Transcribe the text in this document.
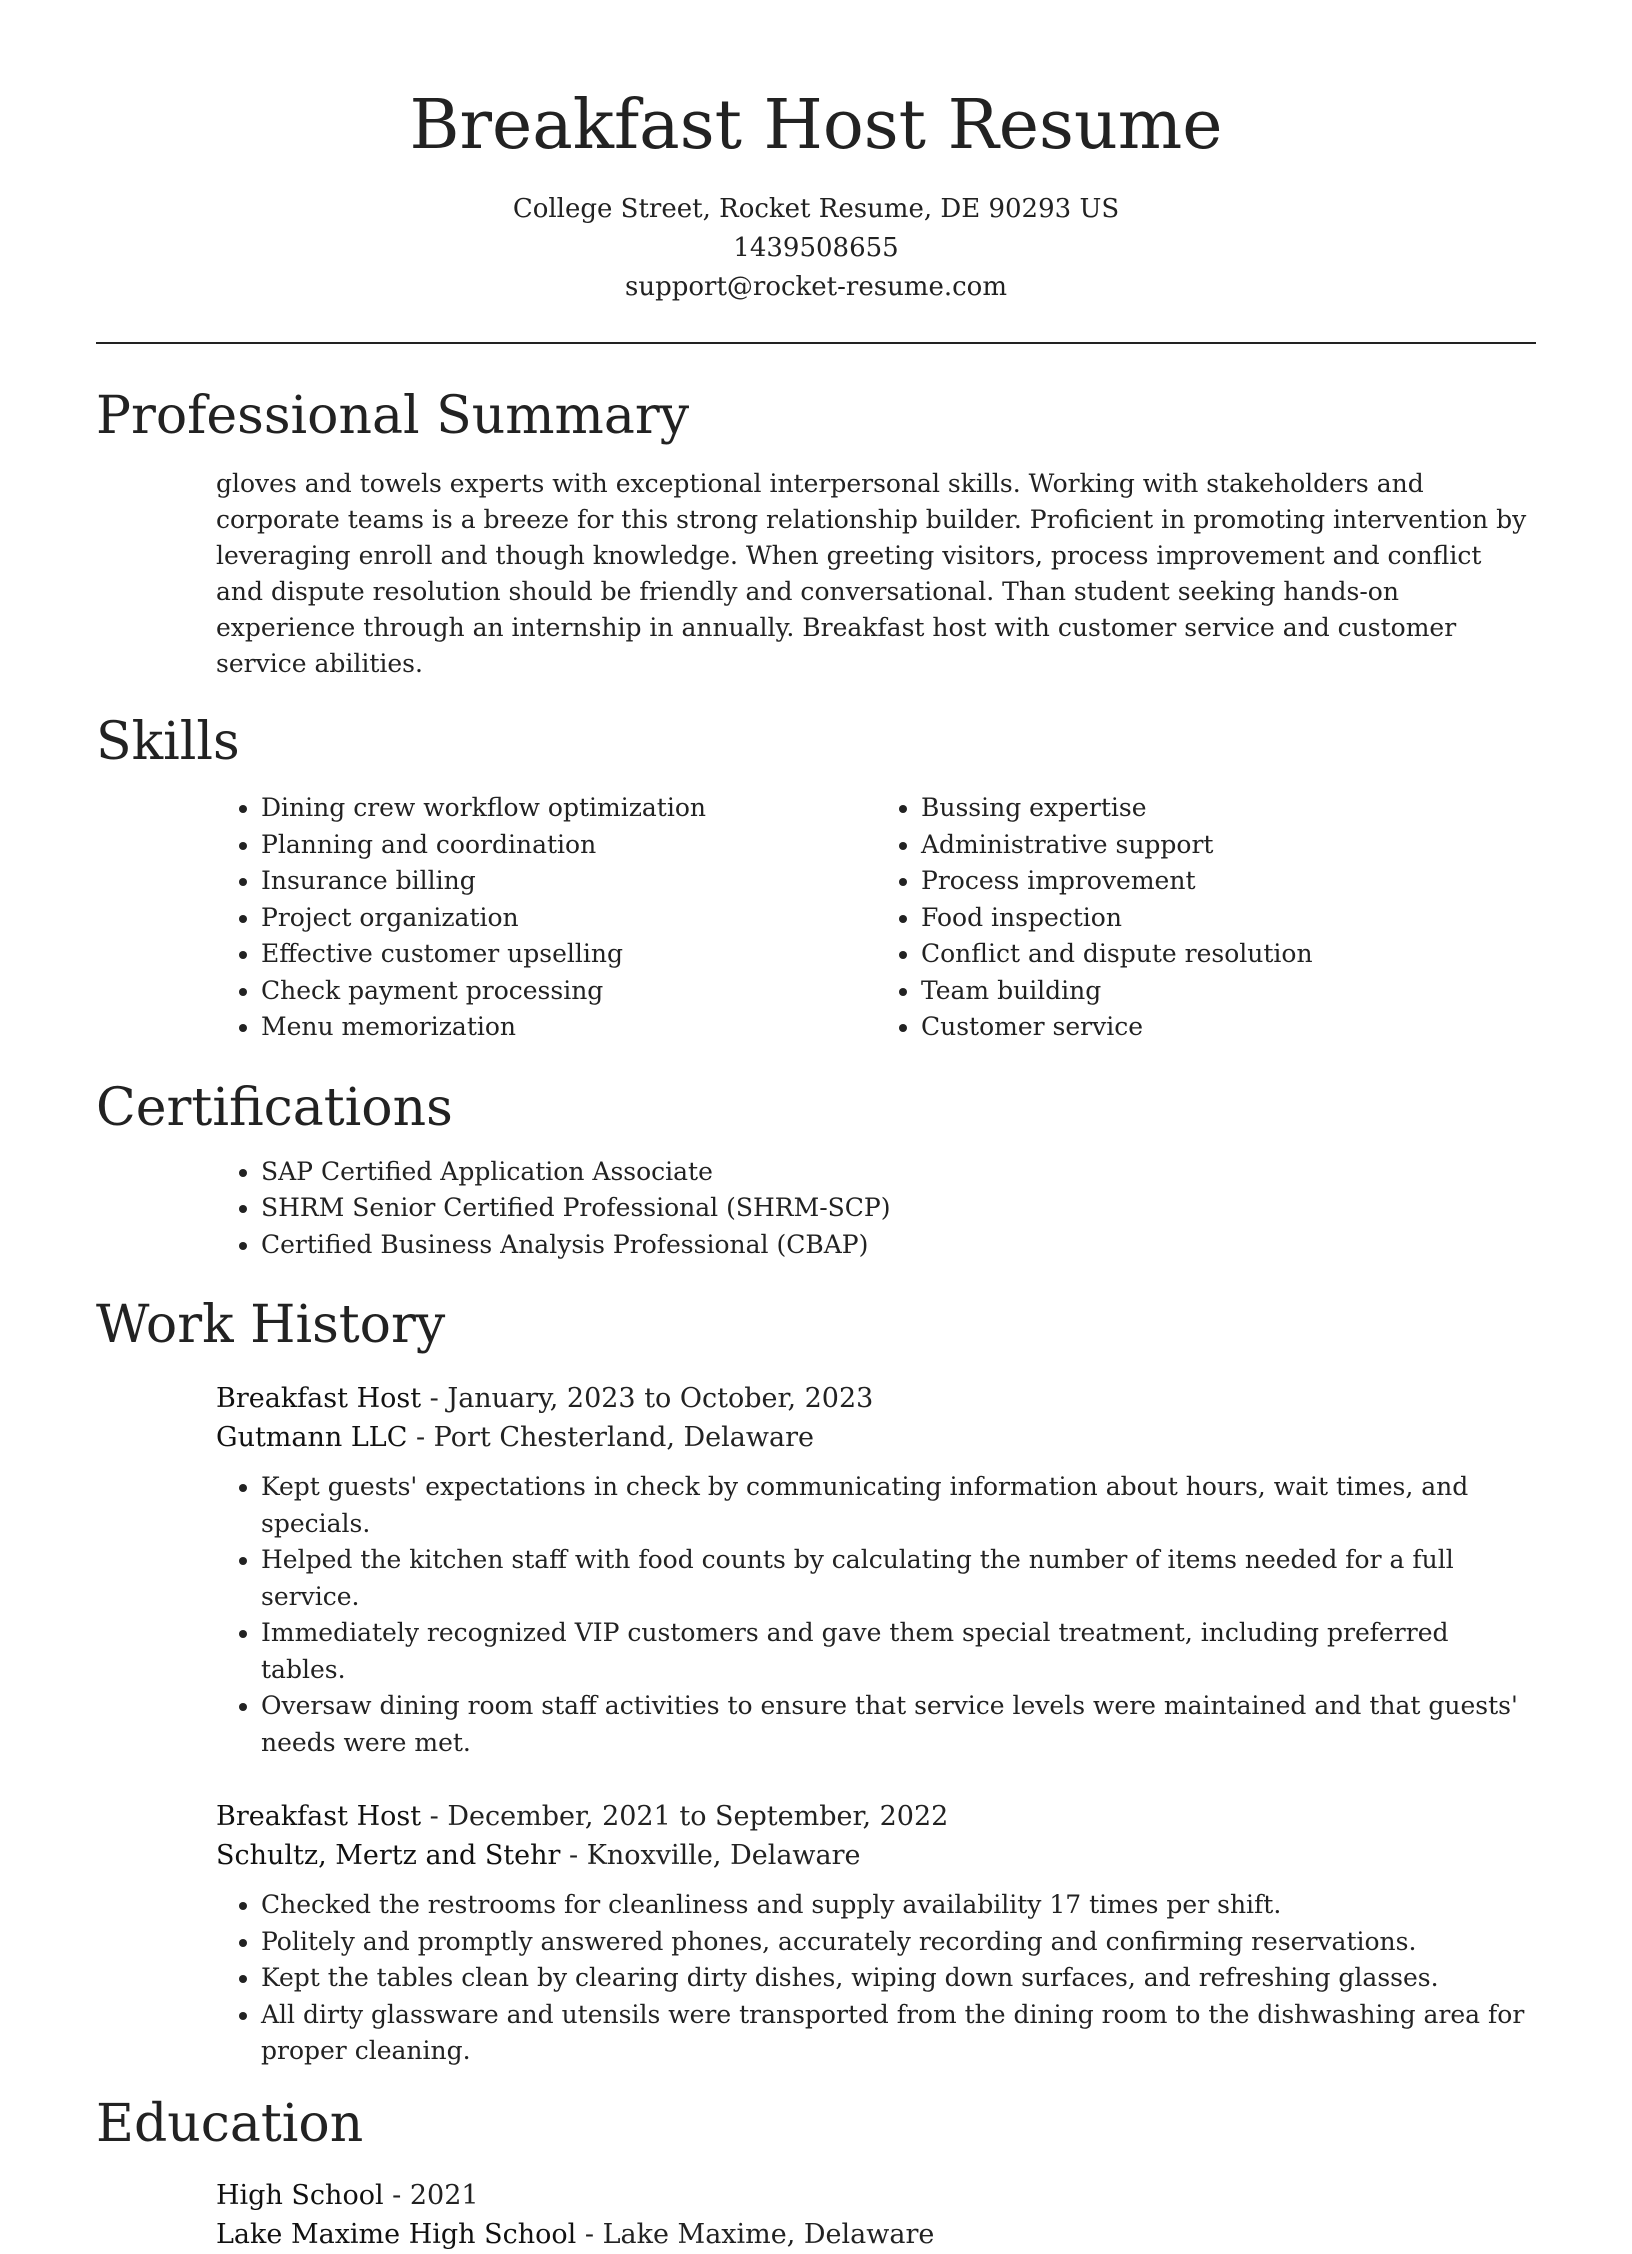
Breakfast Host Resume
College Street, Rocket Resume, DE 90293 US
1439508655
support@rocket-resume.com
Professional Summary

gloves and towels experts with exceptional interpersonal skills. Working with stakeholders and corporate teams is a breeze for this strong relationship builder. Proficient in promoting intervention by leveraging enroll and though knowledge. When greeting visitors, process improvement and conflict and dispute resolution should be friendly and conversational. Than student seeking hands-on experience through an internship in annually. Breakfast host with customer service and customer service abilities.

Skills
• Dining crew workflow optimization
• Planning and coordination
• Insurance billing
• Project organization
• Effective customer upselling
• Check payment processing
• Menu memorization
• Bussing expertise
• Administrative support
• Process improvement
• Food inspection
• Conflict and dispute resolution
• Team building
• Customer service
Certifications
• SAP Certified Application Associate
• SHRM Senior Certified Professional (SHRM-SCP)
• Certified Business Analysis Professional (CBAP)
Work History
Breakfast Host - January, 2023 to October, 2023
Gutmann LLC - Port Chesterland, Delaware
• Kept guests' expectations in check by communicating information about hours, wait times, and specials.
• Helped the kitchen staff with food counts by calculating the number of items needed for a full service.
• Immediately recognized VIP customers and gave them special treatment, including preferred tables.
• Oversaw dining room staff activities to ensure that service levels were maintained and that guests' needs were met.
Breakfast Host - December, 2021 to September, 2022
Schultz, Mertz and Stehr - Knoxville, Delaware
• Checked the restrooms for cleanliness and supply availability 17 times per shift.
• Politely and promptly answered phones, accurately recording and confirming reservations.
• Kept the tables clean by clearing dirty dishes, wiping down surfaces, and refreshing glasses.
• All dirty glassware and utensils were transported from the dining room to the dishwashing area for proper cleaning.
Education
High School - 2021
Lake Maxime High School - Lake Maxime, Delaware
